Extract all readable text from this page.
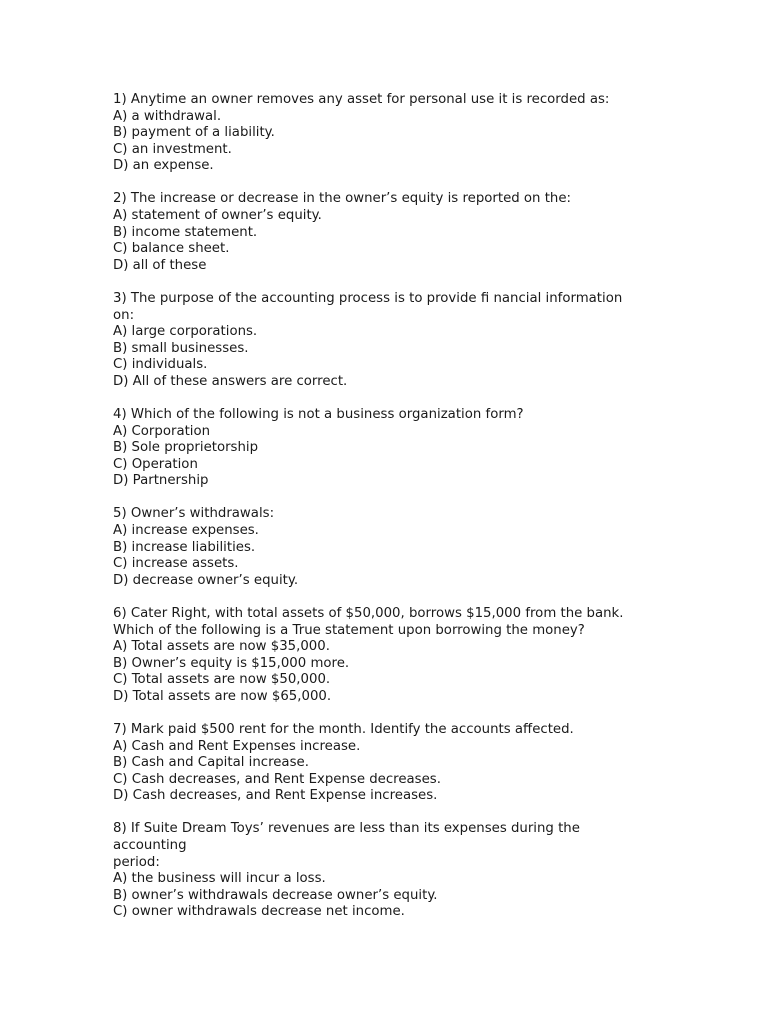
1) Anytime an owner removes any asset for personal use it is recorded as:
A) a withdrawal.
B) payment of a liability.
C) an investment.
D) an expense.
2) The increase or decrease in the owner’s equity is reported on the:
A) statement of owner’s equity.
B) income statement.
C) balance sheet.
D) all of these
3) The purpose of the accounting process is to provide fi nancial information
on:
A) large corporations.
B) small businesses.
C) individuals.
D) All of these answers are correct.
4) Which of the following is not a business organization form?
A) Corporation
B) Sole proprietorship
C) Operation
D) Partnership
5) Owner’s withdrawals:
A) increase expenses.
B) increase liabilities.
C) increase assets.
D) decrease owner’s equity.
6) Cater Right, with total assets of $50,000, borrows $15,000 from the bank.
Which of the following is a True statement upon borrowing the money?
A) Total assets are now $35,000.
B) Owner’s equity is $15,000 more.
C) Total assets are now $50,000.
D) Total assets are now $65,000.
7) Mark paid $500 rent for the month. Identify the accounts affected.
A) Cash and Rent Expenses increase.
B) Cash and Capital increase.
C) Cash decreases, and Rent Expense decreases.
D) Cash decreases, and Rent Expense increases.
8) If Suite Dream Toys’ revenues are less than its expenses during the
accounting
period:
A) the business will incur a loss.
B) owner’s withdrawals decrease owner’s equity.
C) owner withdrawals decrease net income.
